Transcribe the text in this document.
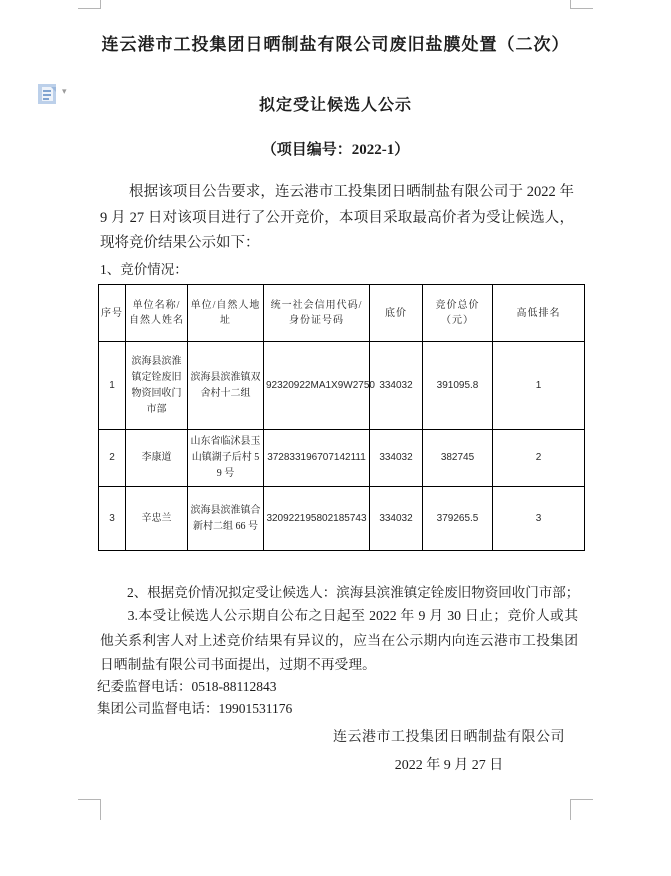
▾
连云港市工投集团日晒制盐有限公司废旧盐膜处置（二次）
拟定受让候选人公示
（项目编号：2022-1）
根据该项目公告要求，连云港市工投集团日晒制盐有限公司于 2022 年 9 月 27 日对该项目进行了公开竞价，本项目采取最高价者为受让候选人，现将竞价结果公示如下：
1、竞价情况：
序号	单位名称/自然人姓名	单位/自然人地址	统一社会信用代码/身份证号码	底价	竞价总价（元）	高低排名
1	滨海县滨淮镇定铨废旧物资回收门市部	滨海县滨淮镇双舍村十二组	92320922MA1X9W2750	334032	391095.8	1
2	李康道	山东省临沭县玉山镇湖子后村 59 号	372833196707142111	334032	382745	2
3	辛忠兰	滨海县滨淮镇合新村二组 66 号	320922195802185743	334032	379265.5	3
2、根据竞价情况拟定受让候选人：滨海县滨淮镇定铨废旧物资回收门市部；
3.本受让候选人公示期自公布之日起至 2022 年 9 月 30 日止；竞价人或其他关系利害人对上述竞价结果有异议的，应当在公示期内向连云港市工投集团日晒制盐有限公司书面提出，过期不再受理。
纪委监督电话：0518-88112843
集团公司监督电话：19901531176
连云港市工投集团日晒制盐有限公司
2022 年 9 月 27 日
